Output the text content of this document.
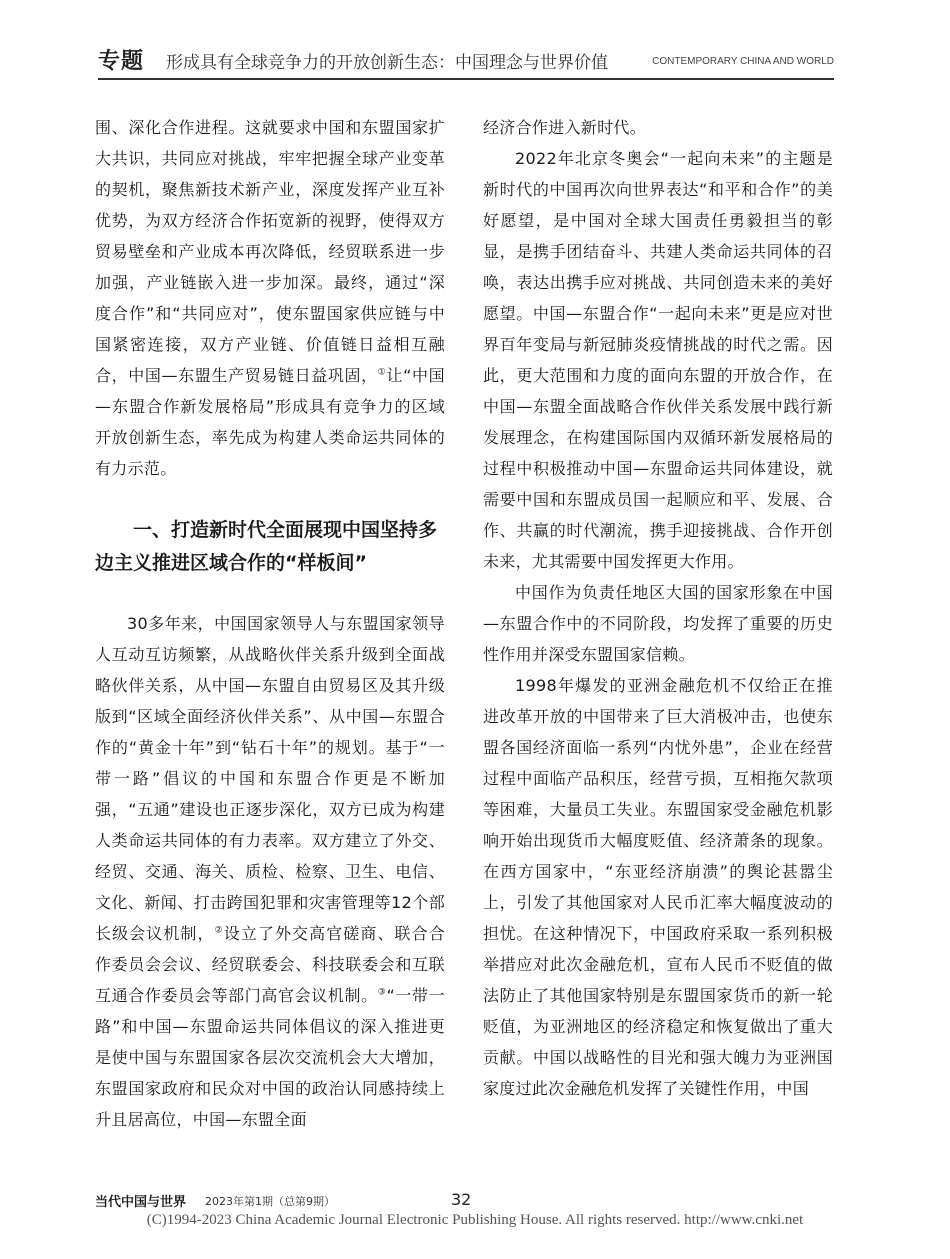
专题 形成具有全球竞争力的开放创新生态：中国理念与世界价值	CONTEMPORARY CHINA AND WORLD

围、深化合作进程。这就要求中国和东盟国家扩大共识，共同应对挑战，牢牢把握全球产业变革的契机，聚焦新技术新产业，深度发挥产业互补优势，为双方经济合作拓宽新的视野，使得双方贸易壁垒和产业成本再次降低，经贸联系进一步加强，产业链嵌入进一步加深。最终，通过“深度合作”和“共同应对”，使东盟国家供应链与中国紧密连接，双方产业链、价值链日益相互融合，中国—东盟生产贸易链日益巩固，①让“中国—东盟合作新发展格局”形成具有竞争力的区域开放创新生态，率先成为构建人类命运共同体的有力示范。

一、打造新时代全面展现中国坚持多边主义推进区域合作的“样板间”

30多年来，中国国家领导人与东盟国家领导人互动互访频繁，从战略伙伴关系升级到全面战略伙伴关系，从中国—东盟自由贸易区及其升级版到“区域全面经济伙伴关系”、从中国—东盟合作的“黄金十年”到“钻石十年”的规划。基于“一带一路”倡议的中国和东盟合作更是不断加强，“五通”建设也正逐步深化，双方已成为构建人类命运共同体的有力表率。双方建立了外交、经贸、交通、海关、质检、检察、卫生、电信、文化、新闻、打击跨国犯罪和灾害管理等12个部长级会议机制，②设立了外交高官磋商、联合合作委员会会议、经贸联委会、科技联委会和互联互通合作委员会等部门高官会议机制。③“一带一路”和中国—东盟命运共同体倡议的深入推进更是使中国与东盟国家各层次交流机会大大增加，东盟国家政府和民众对中国的政治认同感持续上升且居高位，中国—东盟全面

经济合作进入新时代。

2022年北京冬奥会“一起向未来”的主题是新时代的中国再次向世界表达“和平和合作”的美好愿望，是中国对全球大国责任勇毅担当的彰显，是携手团结奋斗、共建人类命运共同体的召唤，表达出携手应对挑战、共同创造未来的美好愿望。中国—东盟合作“一起向未来”更是应对世界百年变局与新冠肺炎疫情挑战的时代之需。因此，更大范围和力度的面向东盟的开放合作，在中国—东盟全面战略合作伙伴关系发展中践行新发展理念，在构建国际国内双循环新发展格局的过程中积极推动中国—东盟命运共同体建设，就需要中国和东盟成员国一起顺应和平、发展、合作、共赢的时代潮流，携手迎接挑战、合作开创未来，尤其需要中国发挥更大作用。

中国作为负责任地区大国的国家形象在中国—东盟合作中的不同阶段，均发挥了重要的历史性作用并深受东盟国家信赖。

1998年爆发的亚洲金融危机不仅给正在推进改革开放的中国带来了巨大消极冲击，也使东盟各国经济面临一系列“内忧外患”，企业在经营过程中面临产品积压，经营亏损，互相拖欠款项等困难，大量员工失业。东盟国家受金融危机影响开始出现货币大幅度贬值、经济萧条的现象。在西方国家中，“东亚经济崩溃”的舆论甚嚣尘上，引发了其他国家对人民币汇率大幅度波动的担忧。在这种情况下，中国政府采取一系列积极举措应对此次金融危机，宣布人民币不贬值的做法防止了其他国家特别是东盟国家货币的新一轮贬值，为亚洲地区的经济稳定和恢复做出了重大贡献。中国以战略性的目光和强大魄力为亚洲国家度过此次金融危机发挥了关键性作用，中国

当代中国与世界 2023年第1期（总第9期）	32
(C)1994-2023 China Academic Journal Electronic Publishing House. All rights reserved. http://www.cnki.net
